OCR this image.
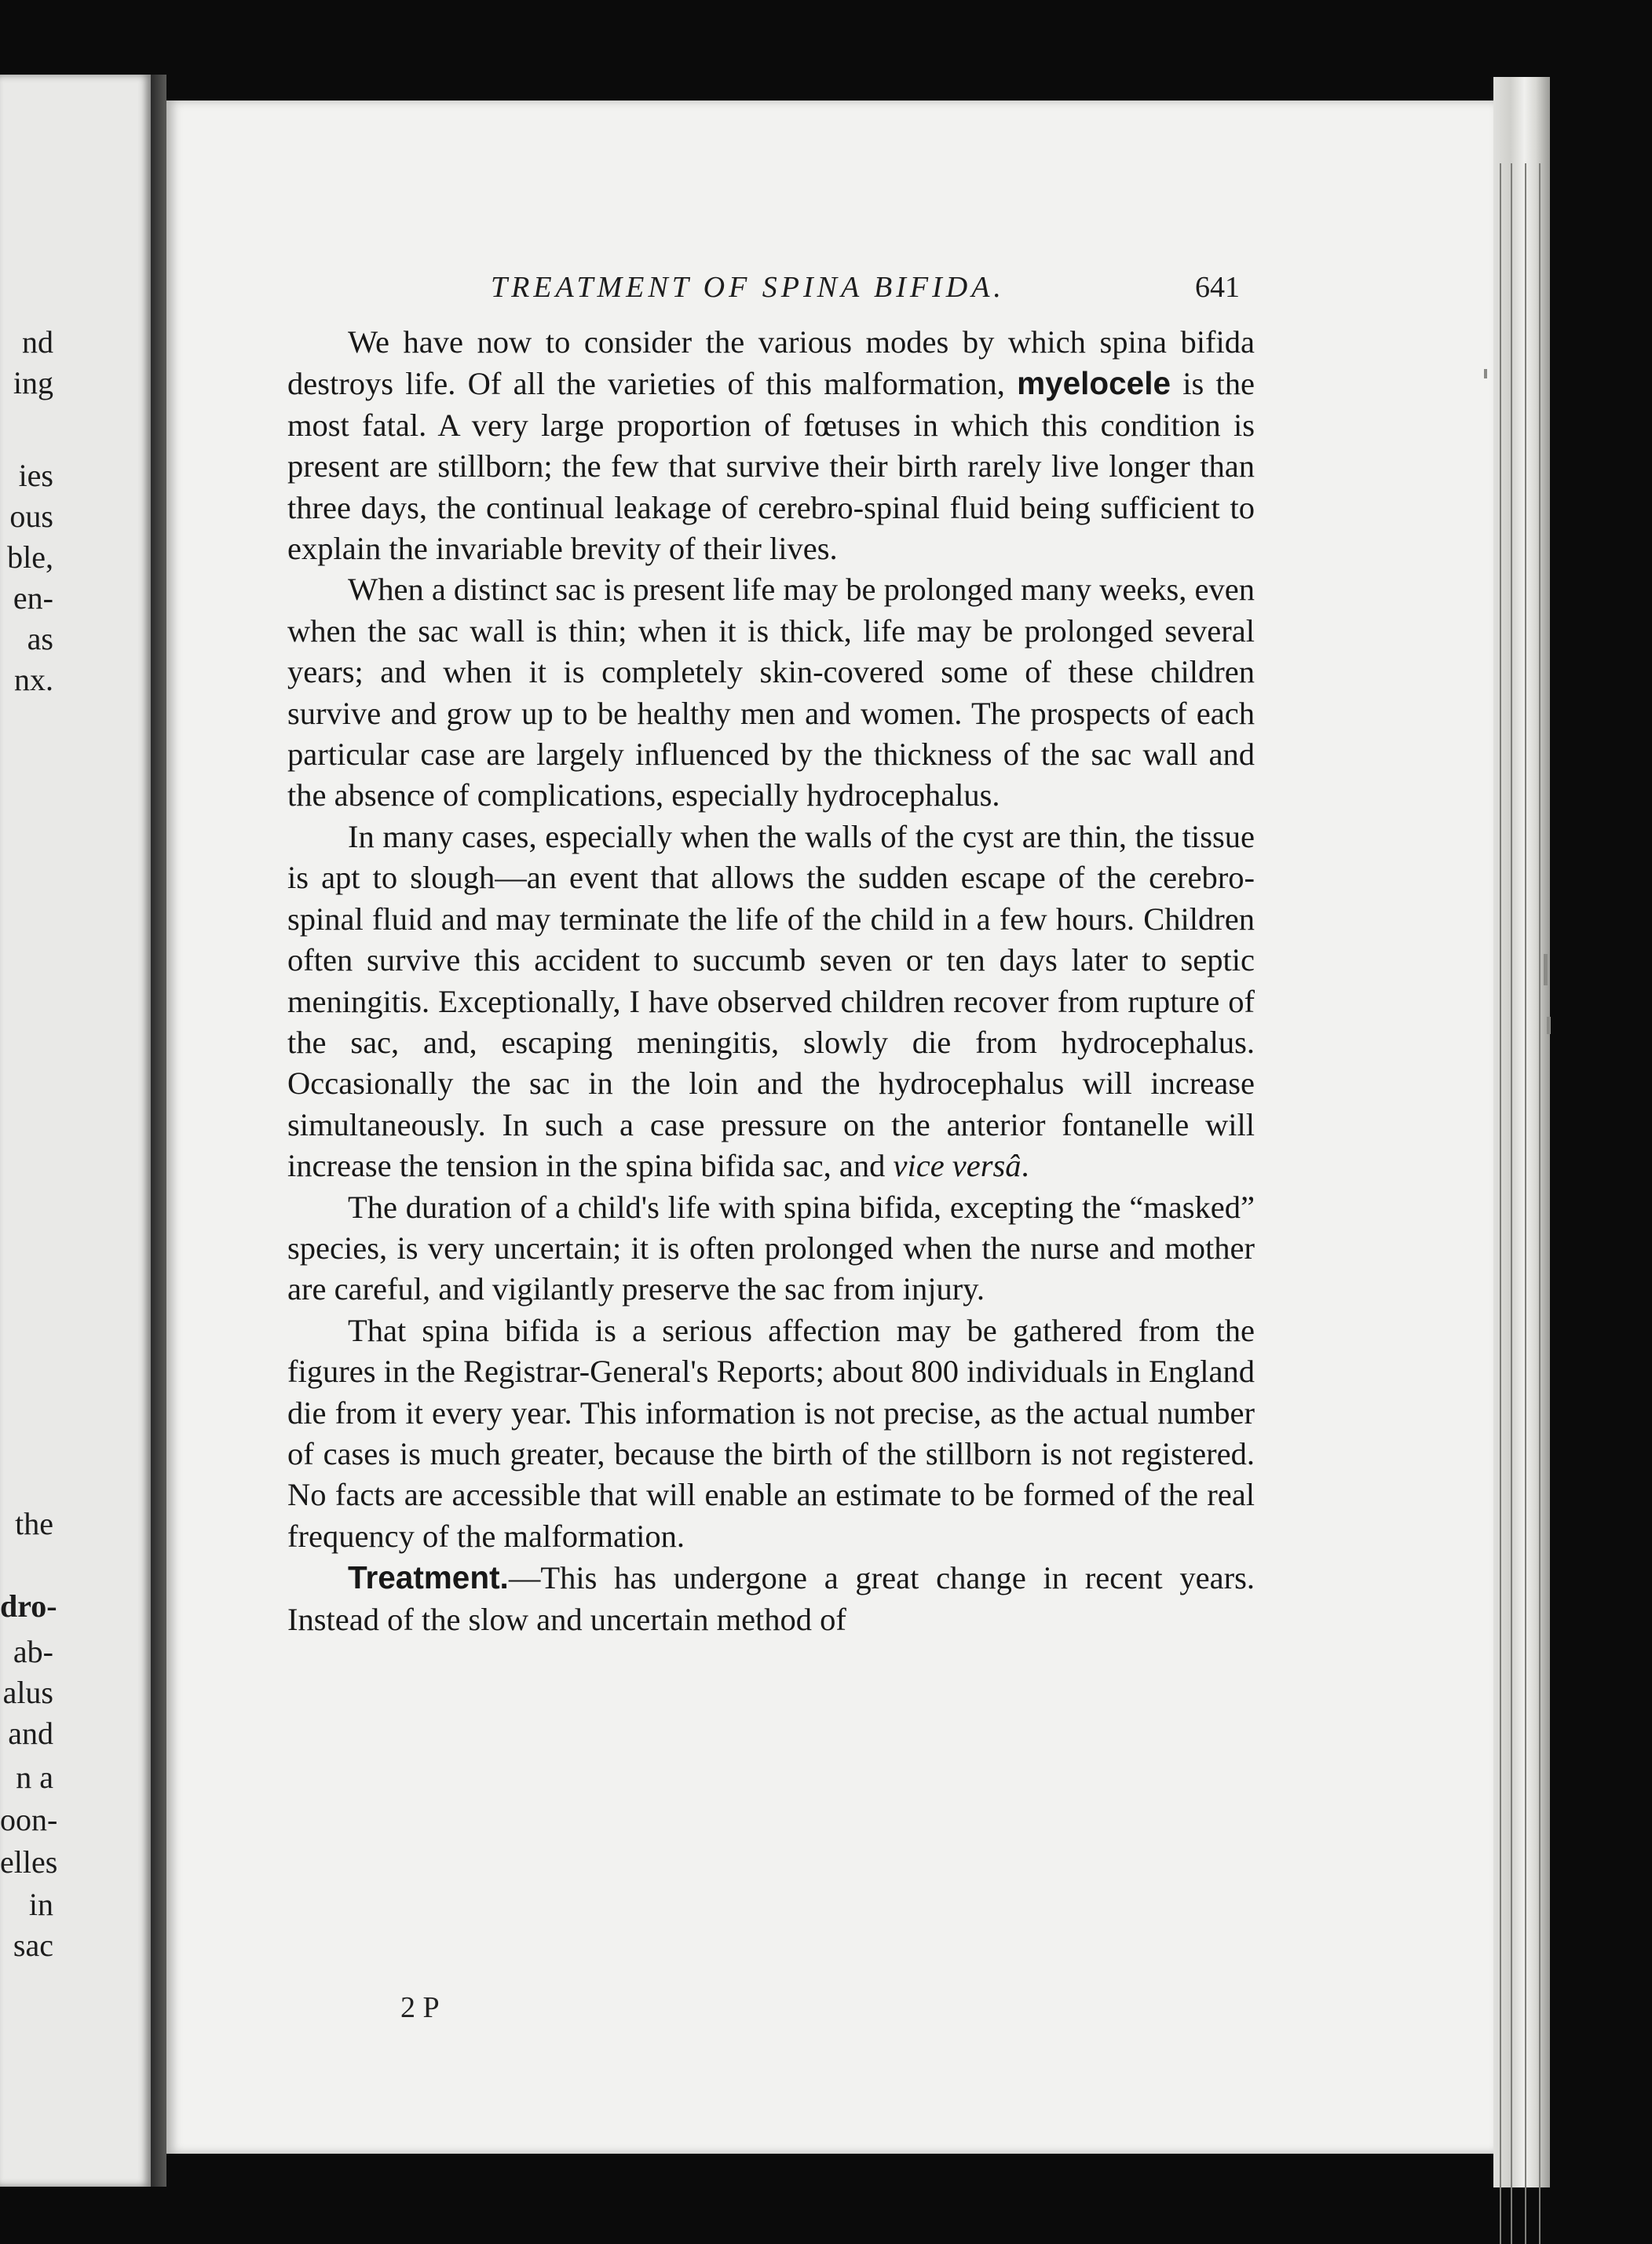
nd
ing
ies
ous
ble,
en-
as
nx.
the
dro-
ab-
alus
and
n a
oon-
elles
in
sac
TREATMENT OF SPINA BIFIDA.	641

We have now to consider the various modes by which spina bifida destroys life. Of all the varieties of this malformation, myelocele is the most fatal. A very large proportion of fœtuses in which this condition is present are stillborn; the few that survive their birth rarely live longer than three days, the continual leakage of cerebro-spinal fluid being sufficient to explain the invariable brevity of their lives.

When a distinct sac is present life may be prolonged many weeks, even when the sac wall is thin; when it is thick, life may be prolonged several years; and when it is completely skin-covered some of these children survive and grow up to be healthy men and women. The prospects of each particular case are largely influenced by the thickness of the sac wall and the absence of complications, especially hydrocephalus.

In many cases, especially when the walls of the cyst are thin, the tissue is apt to slough—an event that allows the sudden escape of the cerebro-spinal fluid and may terminate the life of the child in a few hours. Children often survive this accident to succumb seven or ten days later to septic meningitis. Exceptionally, I have observed children recover from rupture of the sac, and, escaping meningitis, slowly die from hydrocephalus. Occasionally the sac in the loin and the hydrocephalus will increase simultaneously. In such a case pressure on the anterior fontanelle will increase the tension in the spina bifida sac, and vice versâ.

The duration of a child's life with spina bifida, excepting the “masked” species, is very uncertain; it is often prolonged when the nurse and mother are careful, and vigilantly preserve the sac from injury.

That spina bifida is a serious affection may be gathered from the figures in the Registrar-General's Reports; about 800 individuals in England die from it every year. This information is not precise, as the actual number of cases is much greater, because the birth of the stillborn is not registered. No facts are accessible that will enable an estimate to be formed of the real frequency of the malformation.

Treatment.—This has undergone a great change in recent years. Instead of the slow and uncertain method of

2 P
